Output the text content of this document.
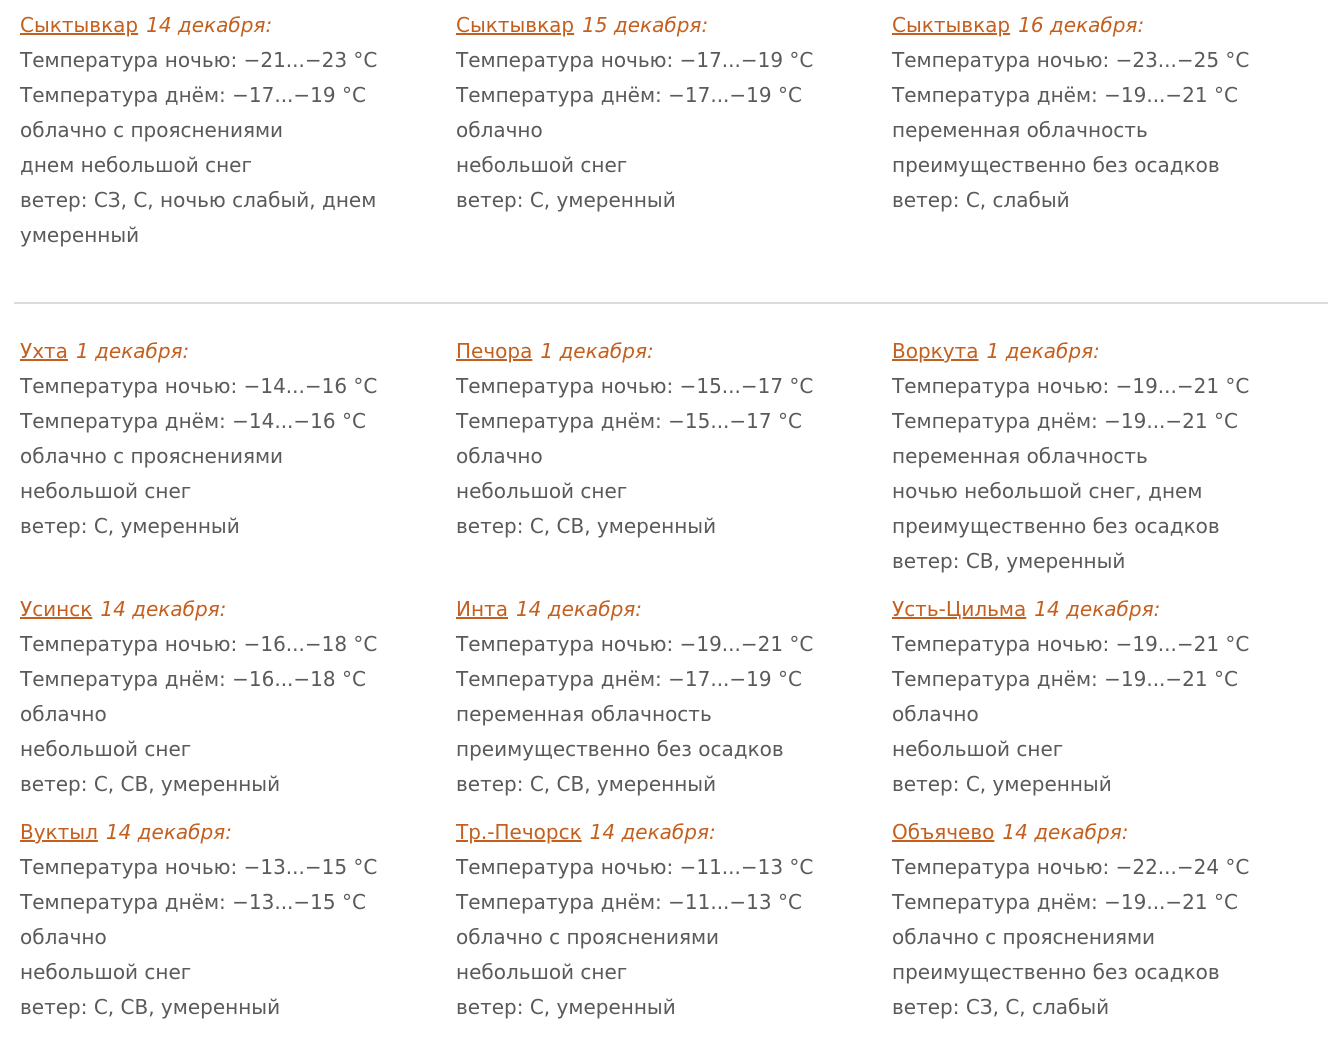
Сыктывкар 14 декабря:
Температура ночью: −21...−23 °C
Температура днём: −17...−19 °C
облачно с прояснениями
днем небольшой снег
ветер: СЗ, С, ночью слабый, днем
умеренный
Сыктывкар 15 декабря:
Температура ночью: −17...−19 °C
Температура днём: −17...−19 °C
облачно
небольшой снег
ветер: С, умеренный
Сыктывкар 16 декабря:
Температура ночью: −23...−25 °C
Температура днём: −19...−21 °C
переменная облачность
преимущественно без осадков
ветер: С, слабый
Ухта 1 декабря:
Температура ночью: −14...−16 °C
Температура днём: −14...−16 °C
облачно с прояснениями
небольшой снег
ветер: С, умеренный
Печора 1 декабря:
Температура ночью: −15...−17 °C
Температура днём: −15...−17 °C
облачно
небольшой снег
ветер: С, СВ, умеренный
Воркута 1 декабря:
Температура ночью: −19...−21 °C
Температура днём: −19...−21 °C
переменная облачность
ночью небольшой снег, днем
преимущественно без осадков
ветер: СВ, умеренный
Усинск 14 декабря:
Температура ночью: −16...−18 °C
Температура днём: −16...−18 °C
облачно
небольшой снег
ветер: С, СВ, умеренный
Инта 14 декабря:
Температура ночью: −19...−21 °C
Температура днём: −17...−19 °C
переменная облачность
преимущественно без осадков
ветер: С, СВ, умеренный
Усть-Цильма 14 декабря:
Температура ночью: −19...−21 °C
Температура днём: −19...−21 °C
облачно
небольшой снег
ветер: С, умеренный
Вуктыл 14 декабря:
Температура ночью: −13...−15 °C
Температура днём: −13...−15 °C
облачно
небольшой снег
ветер: С, СВ, умеренный
Тр.-Печорск 14 декабря:
Температура ночью: −11...−13 °C
Температура днём: −11...−13 °C
облачно с прояснениями
небольшой снег
ветер: С, умеренный
Объячево 14 декабря:
Температура ночью: −22...−24 °C
Температура днём: −19...−21 °C
облачно с прояснениями
преимущественно без осадков
ветер: СЗ, С, слабый
